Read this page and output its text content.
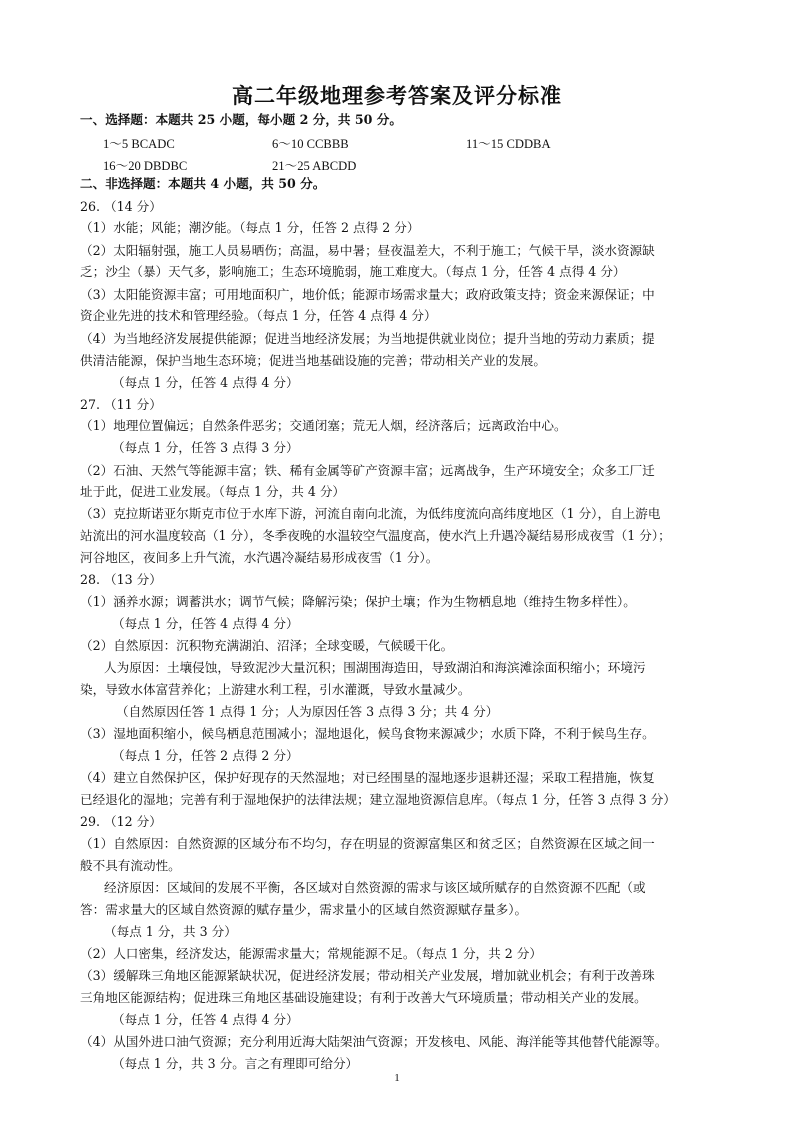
高二年级地理参考答案及评分标准

一、选择题：本题共 25 小题，每小题 2 分，共 50 分。

1～5 BCADC	6～10 CCBBB	11～15 CDDBA
16～20 DBDBC	21～25 ABCDD

二、非选择题：本题共 4 小题，共 50 分。

26. （14 分）

（1）水能；风能；潮汐能。（每点 1 分，任答 2 点得 2 分）

（2）太阳辐射强，施工人员易晒伤；高温，易中暑；昼夜温差大，不利于施工；气候干旱，淡水资源缺

乏；沙尘（暴）天气多，影响施工；生态环境脆弱，施工难度大。（每点 1 分，任答 4 点得 4 分）

（3）太阳能资源丰富；可用地面积广，地价低；能源市场需求量大；政府政策支持；资金来源保证；中

资企业先进的技术和管理经验。（每点 1 分，任答 4 点得 4 分）

（4）为当地经济发展提供能源；促进当地经济发展；为当地提供就业岗位；提升当地的劳动力素质；提

供清洁能源，保护当地生态环境；促进当地基础设施的完善；带动相关产业的发展。

（每点 1 分，任答 4 点得 4 分）

27. （11 分）

（1）地理位置偏远；自然条件恶劣；交通闭塞；荒无人烟，经济落后；远离政治中心。

（每点 1 分，任答 3 点得 3 分）

（2）石油、天然气等能源丰富；铁、稀有金属等矿产资源丰富；远离战争，生产环境安全；众多工厂迁

址于此，促进工业发展。（每点 1 分，共 4 分）

（3）克拉斯诺亚尔斯克市位于水库下游，河流自南向北流，为低纬度流向高纬度地区（1 分），自上游电

站流出的河水温度较高（1 分），冬季夜晚的水温较空气温度高，使水汽上升遇冷凝结易形成夜雪（1 分）；

河谷地区，夜间多上升气流，水汽遇冷凝结易形成夜雪（1 分）。

28. （13 分）

（1）涵养水源；调蓄洪水；调节气候；降解污染；保护土壤；作为生物栖息地（维持生物多样性）。

（每点 1 分，任答 4 点得 4 分）

（2）自然原因：沉积物充满湖泊、沼泽；全球变暖，气候暖干化。

人为原因：土壤侵蚀，导致泥沙大量沉积；围湖围海造田，导致湖泊和海滨滩涂面积缩小；环境污

染，导致水体富营养化；上游建水利工程，引水灌溉，导致水量减少。

（自然原因任答 1 点得 1 分；人为原因任答 3 点得 3 分；共 4 分）

（3）湿地面积缩小，候鸟栖息范围减小；湿地退化，候鸟食物来源减少；水质下降，不利于候鸟生存。

（每点 1 分，任答 2 点得 2 分）

（4）建立自然保护区，保护好现存的天然湿地；对已经围垦的湿地逐步退耕还湿；采取工程措施，恢复

已经退化的湿地；完善有利于湿地保护的法律法规；建立湿地资源信息库。（每点 1 分，任答 3 点得 3 分）

29. （12 分）

（1）自然原因：自然资源的区域分布不均匀，存在明显的资源富集区和贫乏区；自然资源在区域之间一

般不具有流动性。

经济原因：区域间的发展不平衡，各区域对自然资源的需求与该区域所赋存的自然资源不匹配（或

答：需求量大的区域自然资源的赋存量少，需求量小的区域自然资源赋存量多）。

（每点 1 分，共 3 分）

（2）人口密集，经济发达，能源需求量大；常规能源不足。（每点 1 分，共 2 分）

（3）缓解珠三角地区能源紧缺状况，促进经济发展；带动相关产业发展，增加就业机会；有利于改善珠

三角地区能源结构；促进珠三角地区基础设施建设；有利于改善大气环境质量；带动相关产业的发展。

（每点 1 分，任答 4 点得 4 分）

（4）从国外进口油气资源；充分利用近海大陆架油气资源；开发核电、风能、海洋能等其他替代能源等。

（每点 1 分，共 3 分。言之有理即可给分）

1
